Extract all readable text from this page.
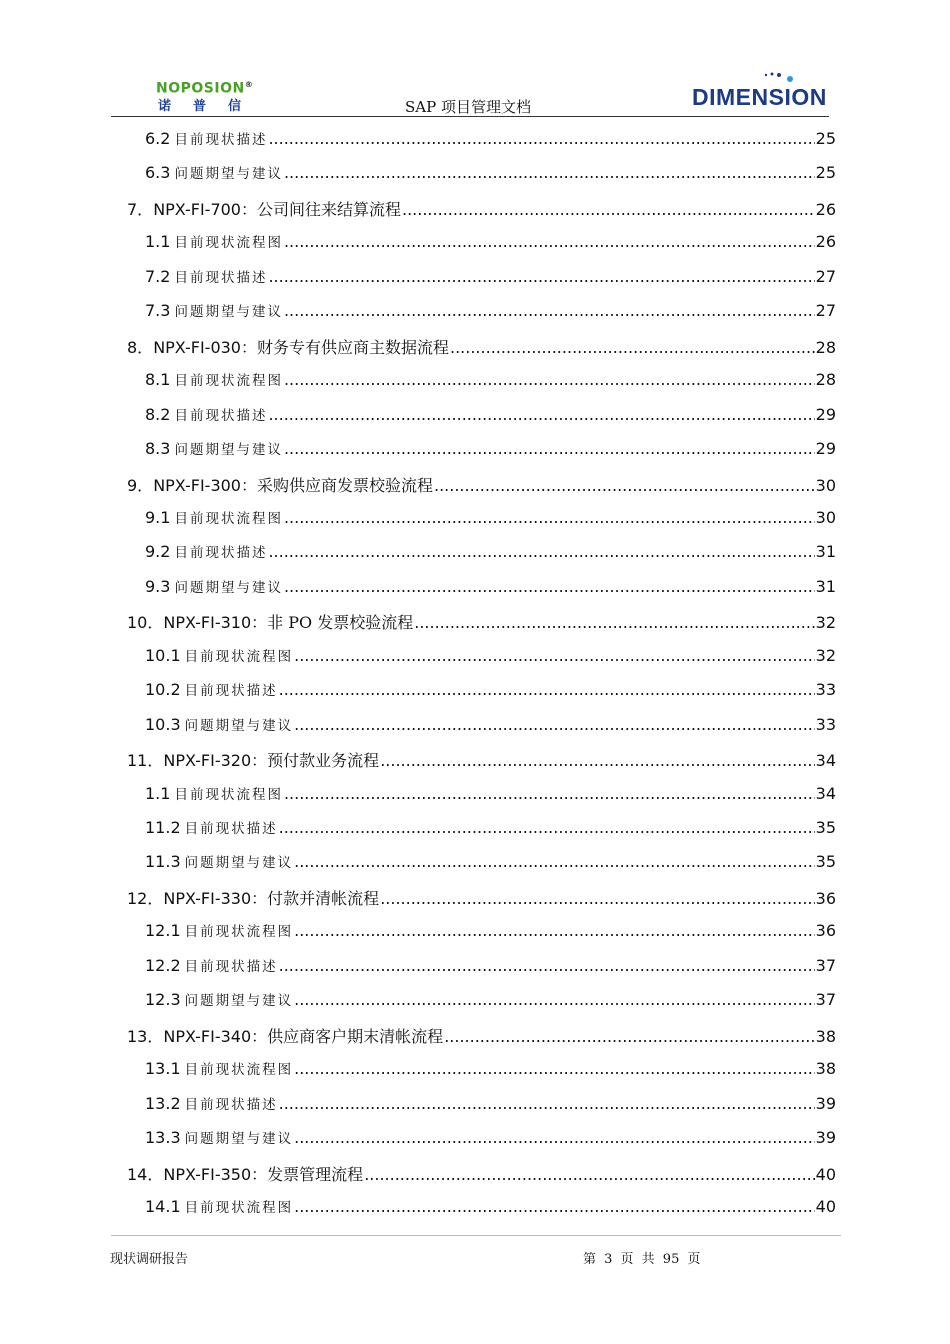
NOPOSION®
诺普信	SAP 项目管理文档	DIMENSION
6.2 目前现状描述 .....	25
6.3 问题期望与建议 .....	25
7． NPX-FI-700 ：公司间往来结算流程 .....	26
1.1 目前现状流程图 .....	26
7.2 目前现状描述 .....	27
7.3 问题期望与建议 .....	27
8． NPX-FI-030 ：财务专有供应商主数据流程 .....	28
8.1 目前现状流程图 .....	28
8.2 目前现状描述 .....	29
8.3 问题期望与建议 .....	29
9． NPX-FI-300 ：采购供应商发票校验流程 .....	30
9.1 目前现状流程图 .....	30
9.2 目前现状描述 .....	31
9.3 问题期望与建议 .....	31
10． NPX-FI-310 ：非 PO 发票校验流程 .....	32
10.1 目前现状流程图 .....	32
10.2 目前现状描述 .....	33
10.3 问题期望与建议 .....	33
11． NPX-FI-320 ：预付款业务流程 .....	34
1.1 目前现状流程图 .....	34
11.2 目前现状描述 .....	35
11.3 问题期望与建议 .....	35
12． NPX-FI-330 ：付款并清帐流程 .....	36
12.1 目前现状流程图 .....	36
12.2 目前现状描述 .....	37
12.3 问题期望与建议 .....	37
13． NPX-FI-340 ：供应商客户期末清帐流程 .....	38
13.1 目前现状流程图 .....	38
13.2 目前现状描述 .....	39
13.3 问题期望与建议 .....	39
14． NPX-FI-350 ：发票管理流程 .....	40
14.1 目前现状流程图 .....	40
现状调研报告	第 3 页 共 95 页
